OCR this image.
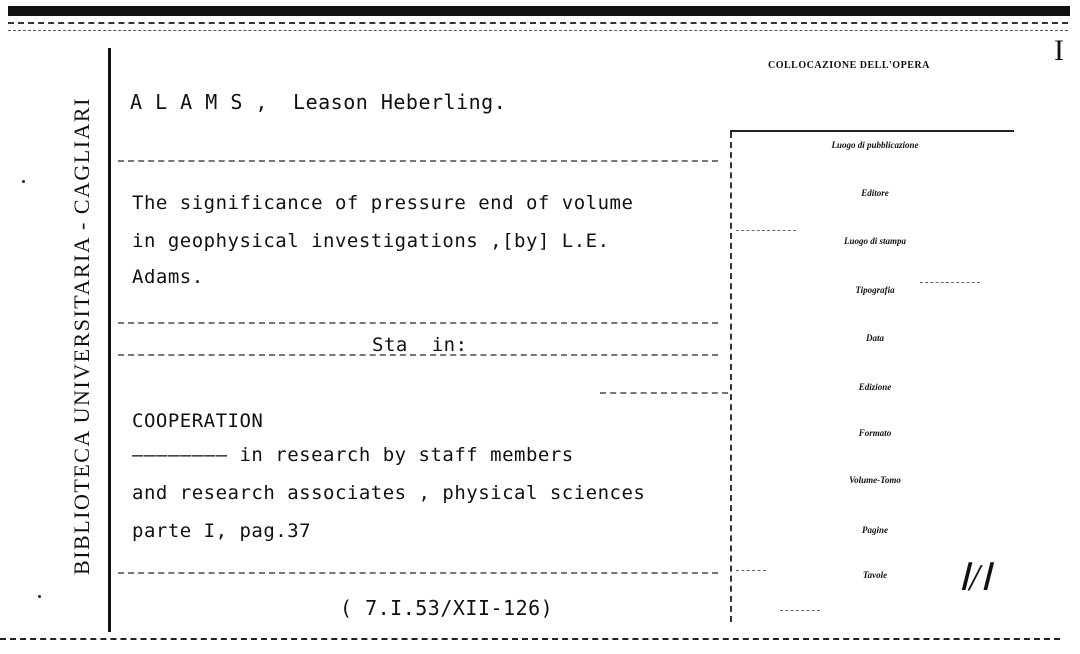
BIBLIOTECA UNIVERSITARIA - CAGLIARI A L A M S ,  Leason Heberling.
The significance of pressure end of volume
in geophysical investigations ,[by] L.E.
Adams.
Sta  in:
COOPERATION
———————— in research by staff members
and research associates , physical sciences
parte I, pag.37
( 7.I.53/XII-126)
COLLOCAZIONE DELL'OPERA	I
Luogo di pubblicazione
Editore
Luogo di stampa
Tipografia
Data
Edizione
Formato
Volume-Tomo
Pagine
Tavole	Ⅰ/Ⅰ
